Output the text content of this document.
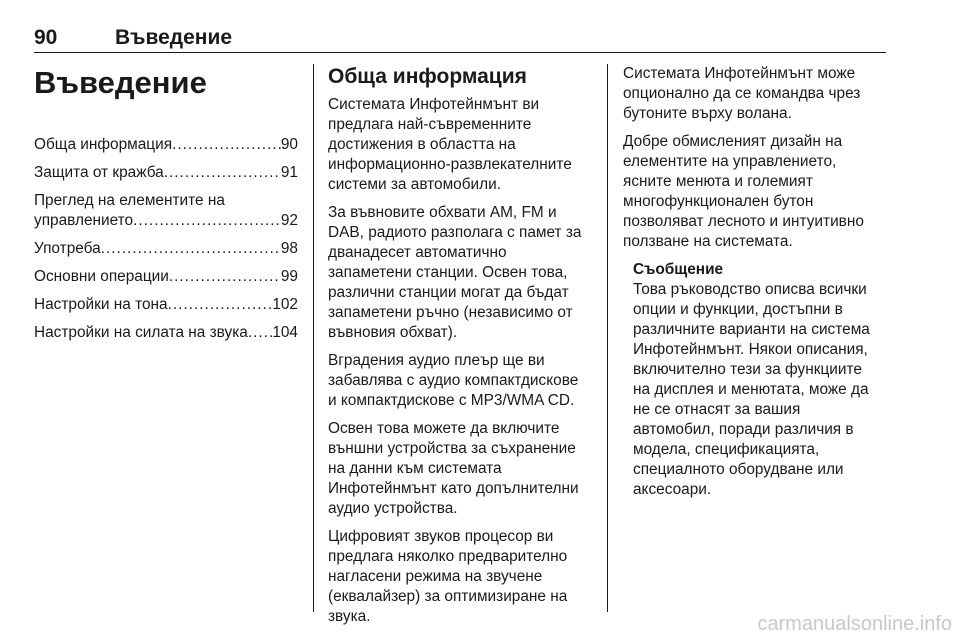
90	Въведение
Въведение
Обща информация .....	90
Защита от кражба .....	91
Преглед на елементите на
управлението .....	92
Употреба .....	98
Основни операции .....	99
Настройки на тона .....	102
Настройки на силата на звука ..... 104
Обща информация

Системата Инфотейнмънт ви
предлага най-съвременните
достижения в областта на
информационно-развлекателните
системи за автомобили.

За въвновите обхвати AM, FM и
DAB, радиото разполага с памет за
дванадесет автоматично
запаметени станции. Освен това,
различни станции могат да бъдат
запаметени ръчно (независимо от
въвновия обхват).

Вградения аудио плеър ще ви
забавлява с аудио компактдискове
и компактдискове с MP3/WMA CD.

Освен това можете да включите
външни устройства за съхранение
на данни към системата
Инфотейнмънт като допълнителни
аудио устройства.

Цифровият звуков процесор ви
предлага няколко предварително
нагласени режима на звучене
(еквалайзер) за оптимизиране на
звука.

Системата Инфотейнмънт може
опционално да се командва чрез
бутоните върху волана.

Добре обмисленият дизайн на
елементите на управлението,
ясните менюта и големият
многофункционален бутон
позволяват лесното и интуитивно
ползване на системата.

Съобщение
Това ръководство описва всички
опции и функции, достъпни в
различните варианти на система
Инфотейнмънт. Някои описания,
включително тези за функциите
на дисплея и менютата, може да
не се отнасят за вашия
автомобил, поради различия в
модела, спецификацията,
специалното оборудване или
аксесоари.
carmanualsonline.info
